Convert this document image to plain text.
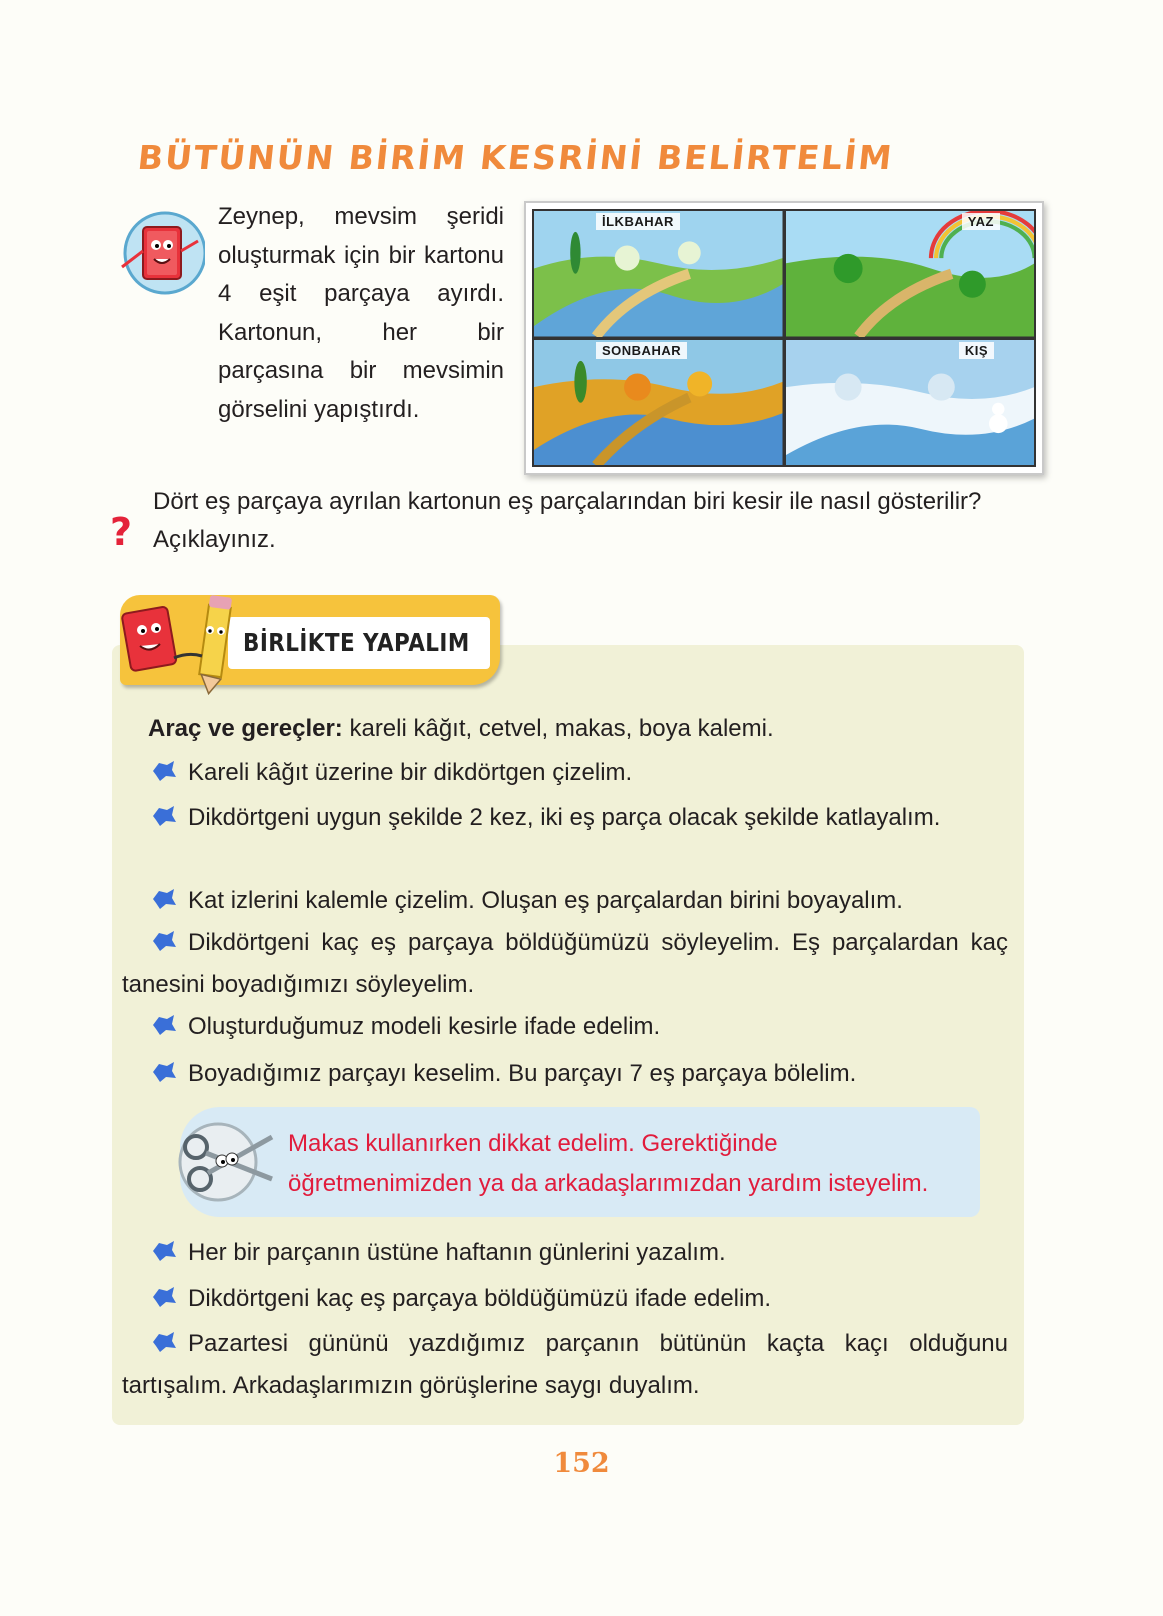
BÜTÜNÜN BİRİM KESRİNİ BELİRTELİM
Zeynep, mevsim şeridi oluşturmak için bir kartonu 4 eşit parçaya ayırdı. Kartonun, her bir parçasına bir mevsimin görselini yapıştırdı.
İLKBAHAR	YAZ
SONBAHAR	KIŞ
?
Dört eş parçaya ayrılan kartonun eş parçalarından biri kesir ile nasıl gösterilir? Açıklayınız.
BİRLİKTE YAPALIM
Araç ve gereçler: kareli kâğıt, cetvel, makas, boya kalemi.
Kareli kâğıt üzerine bir dikdörtgen çizelim.
Dikdörtgeni uygun şekilde 2 kez, iki eş parça olacak şekilde katlayalım.
Kat izlerini kalemle çizelim. Oluşan eş parçalardan birini boyayalım.
Dikdörtgeni kaç eş parçaya böldüğümüzü söyleyelim. Eş parçalardan kaç tanesini boyadığımızı söyleyelim.
Oluşturduğumuz modeli kesirle ifade edelim.
Boyadığımız parçayı keselim. Bu parçayı 7 eş parçaya bölelim.
Makas kullanırken dikkat edelim. Gerektiğinde öğretmenimizden ya da arkadaşlarımızdan yardım isteyelim.
Her bir parçanın üstüne haftanın günlerini yazalım.
Dikdörtgeni kaç eş parçaya böldüğümüzü ifade edelim.
Pazartesi gününü yazdığımız parçanın bütünün kaçta kaçı olduğunu tartışalım. Arkadaşlarımızın görüşlerine saygı duyalım.
152
